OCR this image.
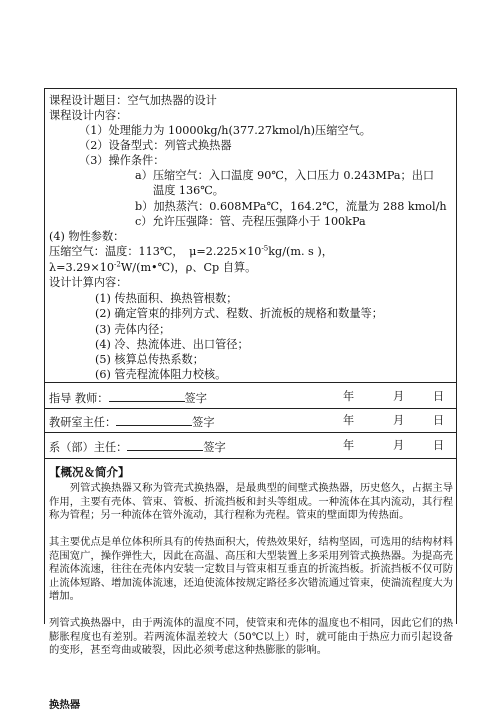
课程设计题目：空气加热器的设计
课程设计内容：
（1）处理能力为 10000kg/h(377.27kmol/h)压缩空气。
（2）设备型式：列管式换热器
（3）操作条件：
a）压缩空气：入口温度 90℃，入口压力 0.243MPa；出口
温度 136℃。
b）加热蒸汽：0.608MPa℃，164.2℃，流量为 288 kmol/h
c）允许压强降：管、壳程压强降小于 100kPa
(4) 物性参数：
压缩空气：温度：113℃，　$\mu=2.225\times 10^{-5}kg/(m$. s )，
$\lambda=3.29\times 10^{-2}W/(m•℃)$，ρ、Cp 自算。
设计计算内容：
(1) 传热面积、换热管根数；
(2) 确定管束的排列方式、程数、折流板的规格和数量等；
(3) 壳体内径；
(4) 冷、热流体进、出口管径；
(5) 核算总传热系数；
(6) 管壳程流体阻力校核。
指导 教师：	签字	年	月	日
教研室主任：	签字	年	月	日
系（部）主任：	签字	年	月	日
【概况＆简介】
　　列管式换热器又称为管壳式换热器，是最典型的间壁式换热器，历史悠久，占据主导作用，主要有壳体、管束、管板、折流挡板和封头等组成。一种流体在其内流动，其行程称为管程；另一种流体在管外流动，其行程称为壳程。管束的壁面即为传热面。
其主要优点是单位体积所具有的传热面积大，传热效果好，结构坚固，可选用的结构材料范围宽广，操作弹性大，因此在高温、高压和大型装置上多采用列管式换热器。为提高壳程流体流速，往往在壳体内安装一定数目与管束相互垂直的折流挡板。折流挡板不仅可防止流体短路、增加流体流速，还迫使流体按规定路径多次错流通过管束，使湍流程度大为增加。
列管式换热器中，由于两流体的温度不同，使管束和壳体的温度也不相同，因此它们的热膨胀程度也有差别。若两流体温差较大（50℃以上）时，就可能由于热应力而引起设备的变形，甚至弯曲或破裂，因此必须考虑这种热膨胀的影响。
换热器
